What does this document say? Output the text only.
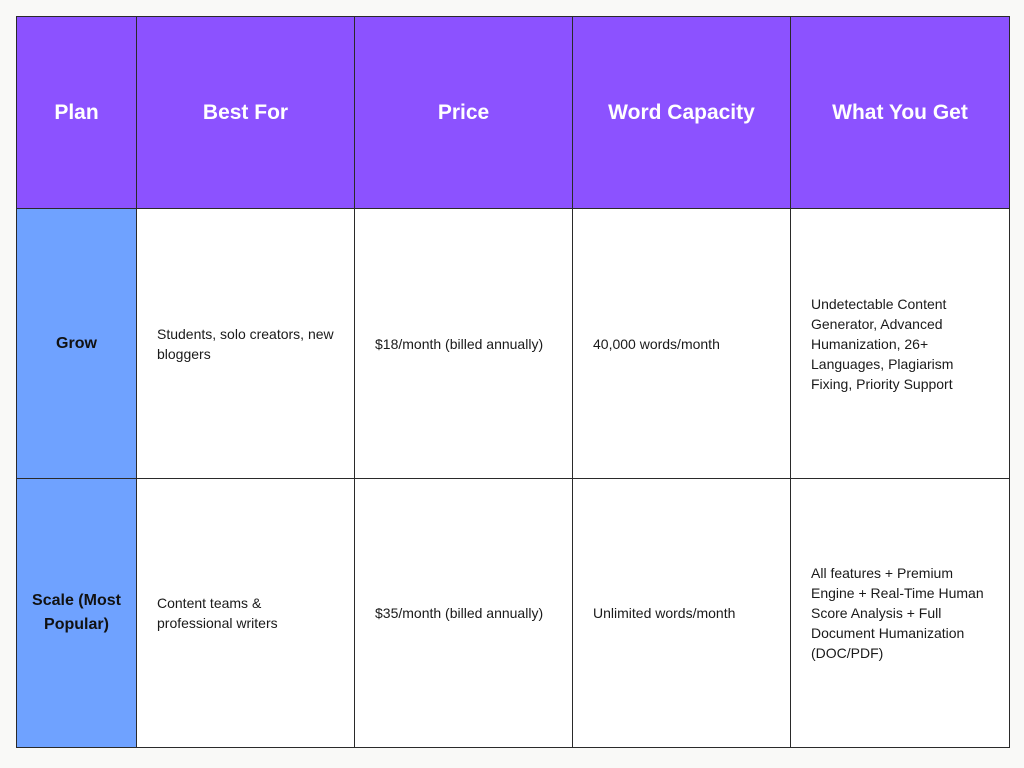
Plan	Best For	Price	Word Capacity	What You Get
Grow	Students, solo creators, new bloggers	$18/month (billed annually)	40,000 words/month	Undetectable Content Generator, Advanced Humanization, 26+ Languages, Plagiarism Fixing, Priority Support
Scale (Most Popular)	Content teams & professional writers	$35/month (billed annually)	Unlimited words/month	All features + Premium Engine + Real-Time Human Score Analysis + Full Document Humanization (DOC/PDF)
